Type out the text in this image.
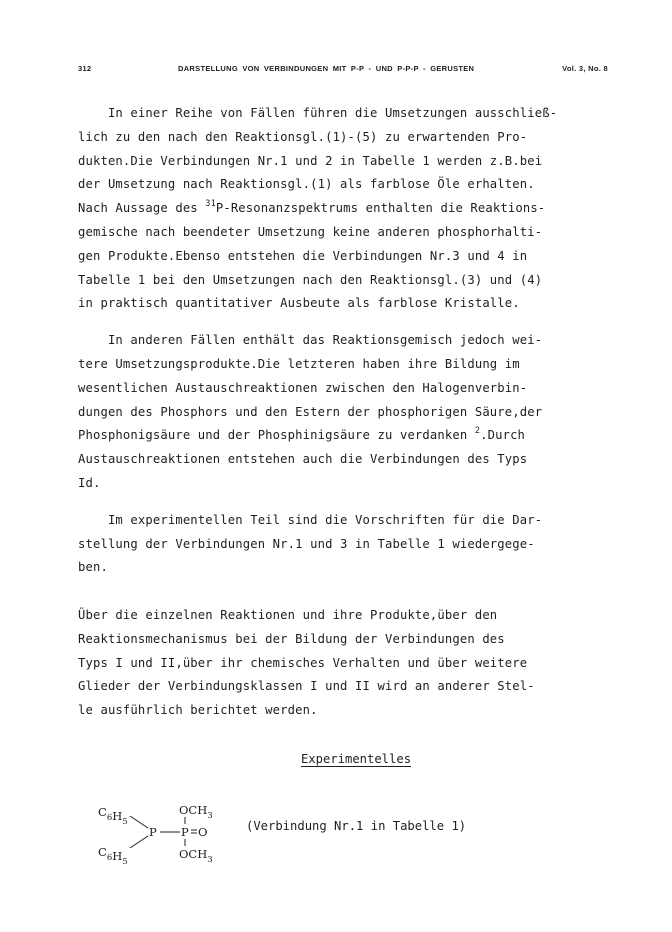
312	DARSTELLUNG VON VERBINDUNGEN MIT P-P - UND P-P-P - GERUSTEN	Vol. 3, No. 8
In einer Reihe von Fällen führen die Umsetzungen ausschließ-
lich zu den nach den Reaktionsgl.(1)-(5) zu erwartenden Pro-
dukten.Die Verbindungen Nr.1 und 2 in Tabelle 1 werden z.B.bei
der Umsetzung nach Reaktionsgl.(1) als farblose Öle erhalten.
Nach Aussage des $^{31}$P-Resonanzspektrums enthalten die Reaktions-
gemische nach beendeter Umsetzung keine anderen phosphorhalti-
gen Produkte.Ebenso entstehen die Verbindungen Nr.3 und 4 in
Tabelle 1 bei den Umsetzungen nach den Reaktionsgl.(3) und (4)
in praktisch quantitativer Ausbeute als farblose Kristalle.
In anderen Fällen enthält das Reaktionsgemisch jedoch wei-
tere Umsetzungsprodukte.Die letzteren haben ihre Bildung im
wesentlichen Austauschreaktionen zwischen den Halogenverbin-
dungen des Phosphors und den Estern der phosphorigen Säure,der
Phosphonigsäure und der Phosphinigsäure zu verdanken $^2$.Durch
Austauschreaktionen entstehen auch die Verbindungen des Typs
Id.
Im experimentellen Teil sind die Vorschriften für die Dar-
stellung der Verbindungen Nr.1 und 3 in Tabelle 1 wiedergege-
ben.
Über die einzelnen Reaktionen und ihre Produkte,über den
Reaktionsmechanismus bei der Bildung der Verbindungen des
Typs I und II,über ihr chemisches Verhalten und über weitere
Glieder der Verbindungsklassen I und II wird an anderer Stel-
le ausführlich berichtet werden.
Experimentelles
$C_6H_5$
$C_6H_5$
P P O
$OCH_3$
$OCH_3$
(Verbindung Nr.1 in Tabelle 1)
